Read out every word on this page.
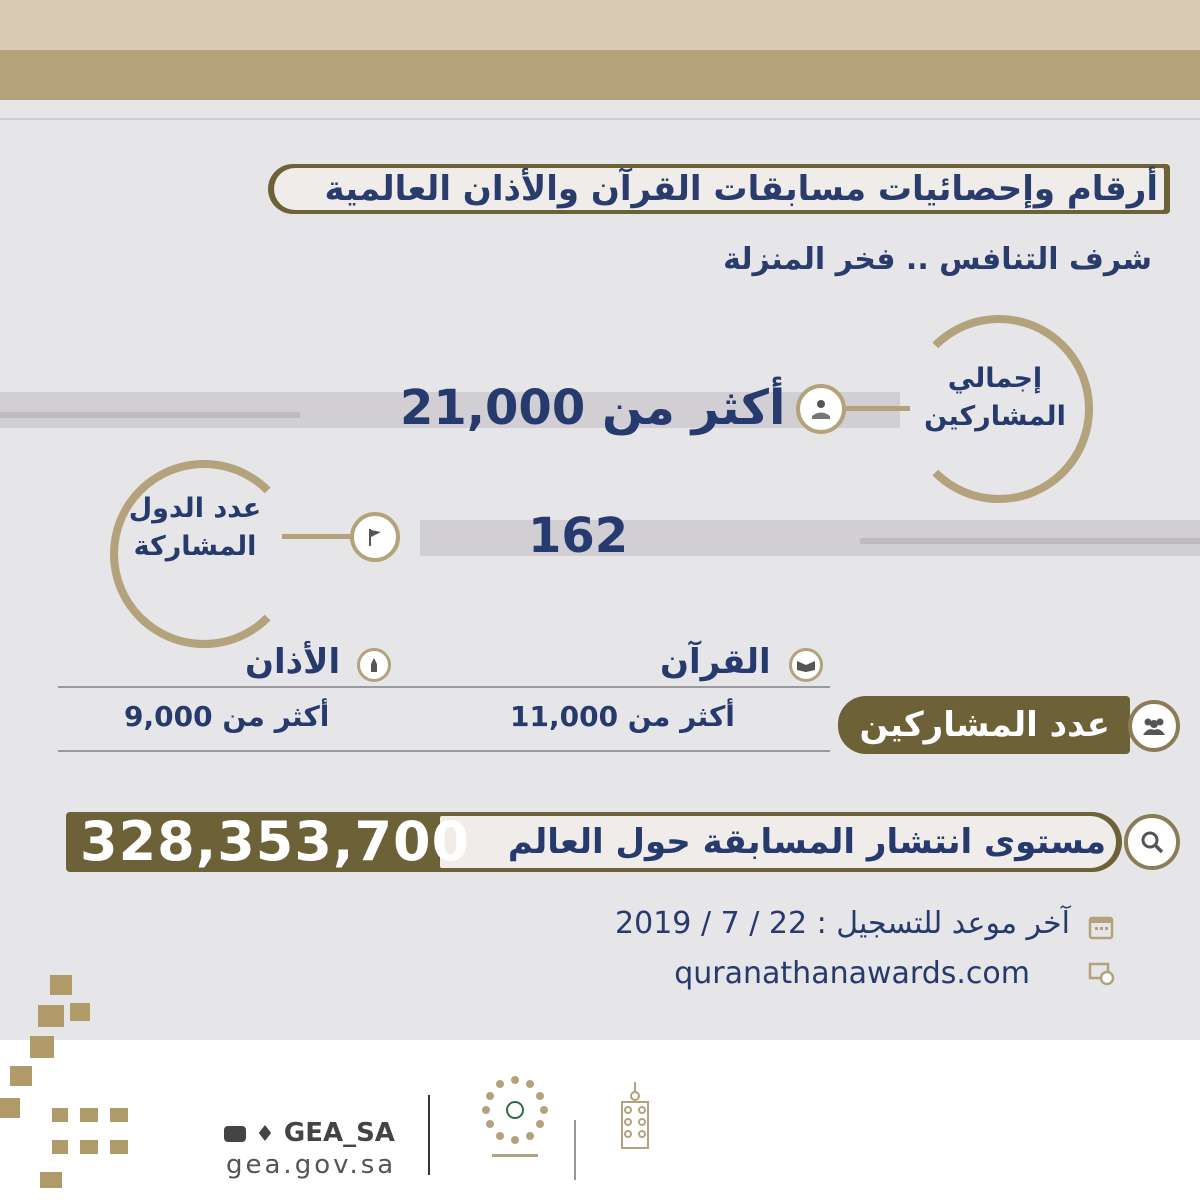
أرقام وإحصائيات مسابقات القرآن والأذان العالمية
شرف التنافس .. فخر المنزلة
إجمالي
المشاركين
أكثر من 21,000
عدد الدول
المشاركة	162
الأذان	القرآن
أكثر من 9,000	أكثر من 11,000	عدد المشاركين
328,353,700 مستوى انتشار المسابقة حول العالم
آخر موعد للتسجيل : 22 / 7 / 2019
quranathanawards.com
♦ GEA_SA
gea.gov.sa
